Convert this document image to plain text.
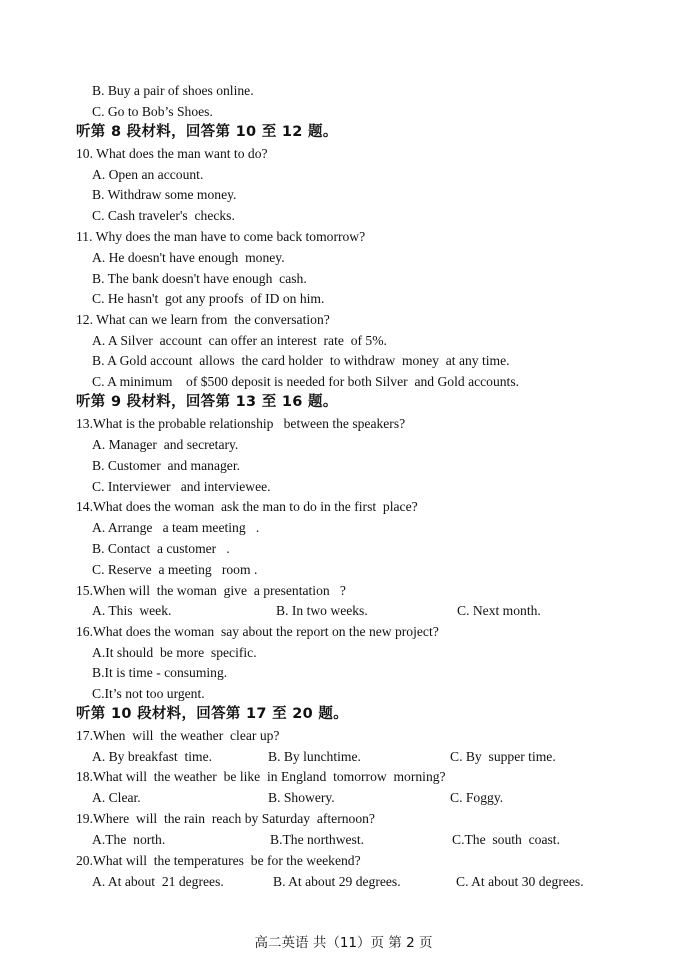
B. Buy a pair of shoes online.
C. Go to Bob’s Shoes.
听第 8 段材料，回答第 10 至 12 题。
10. What does the man want to do?
A. Open an account.
B. Withdraw some money.
C. Cash traveler's  checks.
11. Why does the man have to come back tomorrow?
A. He doesn't have enough  money.
B. The bank doesn't have enough  cash.
C. He hasn't  got any proofs  of ID on him.
12. What can we learn from  the conversation?
A. A Silver  account  can offer an interest  rate  of 5%.
B. A Gold account  allows  the card holder  to withdraw  money  at any time.
C. A minimum    of $500 deposit is needed for both Silver  and Gold accounts.
听第 9 段材料，回答第 13 至 16 题。
13.What is the probable relationship   between the speakers?
A. Manager  and secretary.
B. Customer  and manager.
C. Interviewer   and interviewee.
14.What does the woman  ask the man to do in the first  place?
A. Arrange   a team meeting   .
B. Contact  a customer   .
C. Reserve  a meeting   room .
15.When will  the woman  give  a presentation   ?
16.What does the woman  say about the report on the new project?
A.It should  be more  specific.
B.It is time - consuming.
C.It’s not too urgent.
听第 10 段材料，回答第 17 至 20 题。
17.When  will  the weather  clear up?
18.What will  the weather  be like  in England  tomorrow  morning?
19.Where  will  the rain  reach by Saturday  afternoon?
20.What will  the temperatures  be for the weekend?
A. This  week.	B. In two weeks.	C. Next month.
A. By breakfast  time.	B. By lunchtime.	C. By  supper time.
A. Clear.	B. Showery.	C. Foggy.
A.The  north.	B.The northwest.	C.The  south  coast.
A. At about  21 degrees.	B. At about 29 degrees.	C. At about 30 degrees.
高二英语 共（11）页 第 2 页
